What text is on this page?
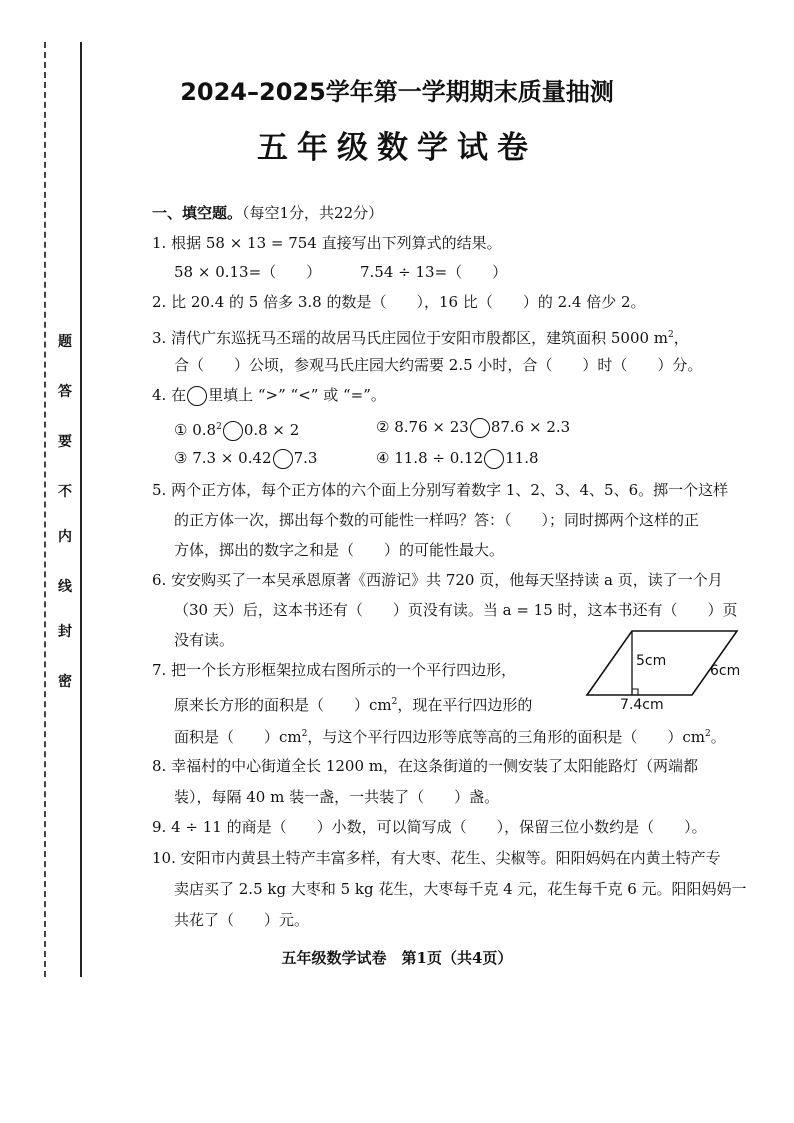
题
答
要
不
内
线
封
密
2024–2025学年第一学期期末质量抽测
五年级数学试卷
一、填空题。（每空1分，共22分）
1. 根据 58 × 13 = 754 直接写出下列算式的结果。
58 × 0.13=（　　）	7.54 ÷ 13=（　　）
2. 比 20.4 的 5 倍多 3.8 的数是（　　），16 比（　　）的 2.4 倍少 2。
3. 清代广东巡抚马丕瑶的故居马氏庄园位于安阳市殷都区，建筑面积 5000 $m^2$，
合（　　）公顷，参观马氏庄园大约需要 2.5 小时，合（　　）时（　　）分。
4. 在 里填上 “>” “<” 或 “=”。
① $0.8^2$ 0.8 × 2	② 8.76 × 23 87.6 × 2.3
③ 7.3 × 0.42 7.3	④ 11.8 ÷ 0.12 11.8
5. 两个正方体，每个正方体的六个面上分别写着数字 1、2、3、4、5、6。掷一个这样
的正方体一次，掷出每个数的可能性一样吗？答：（　　）；同时掷两个这样的正
方体，掷出的数字之和是（　　）的可能性最大。
6. 安安购买了一本吴承恩原著《西游记》共 720 页，他每天坚持读 a 页，读了一个月
（30 天）后，这本书还有（　　）页没有读。当 a = 15 时，这本书还有（　　）页
没有读。
7. 把一个长方形框架拉成右图所示的一个平行四边形，
原来长方形的面积是（　　）$cm^2$，现在平行四边形的
面积是（　　）$cm^2$，与这个平行四边形等底等高的三角形的面积是（　　）$cm^2$。
5cm
6cm
7.4cm
8. 幸福村的中心街道全长 1200 m，在这条街道的一侧安装了太阳能路灯（两端都
装），每隔 40 m 装一盏，一共装了（　　）盏。
9. 4 ÷ 11 的商是（　　）小数，可以简写成（　　），保留三位小数约是（　　）。
10. 安阳市内黄县土特产丰富多样，有大枣、花生、尖椒等。阳阳妈妈在内黄土特产专
卖店买了 2.5 kg 大枣和 5 kg 花生，大枣每千克 4 元，花生每千克 6 元。阳阳妈妈一
共花了（　　）元。
五年级数学试卷　第1页（共4页）
